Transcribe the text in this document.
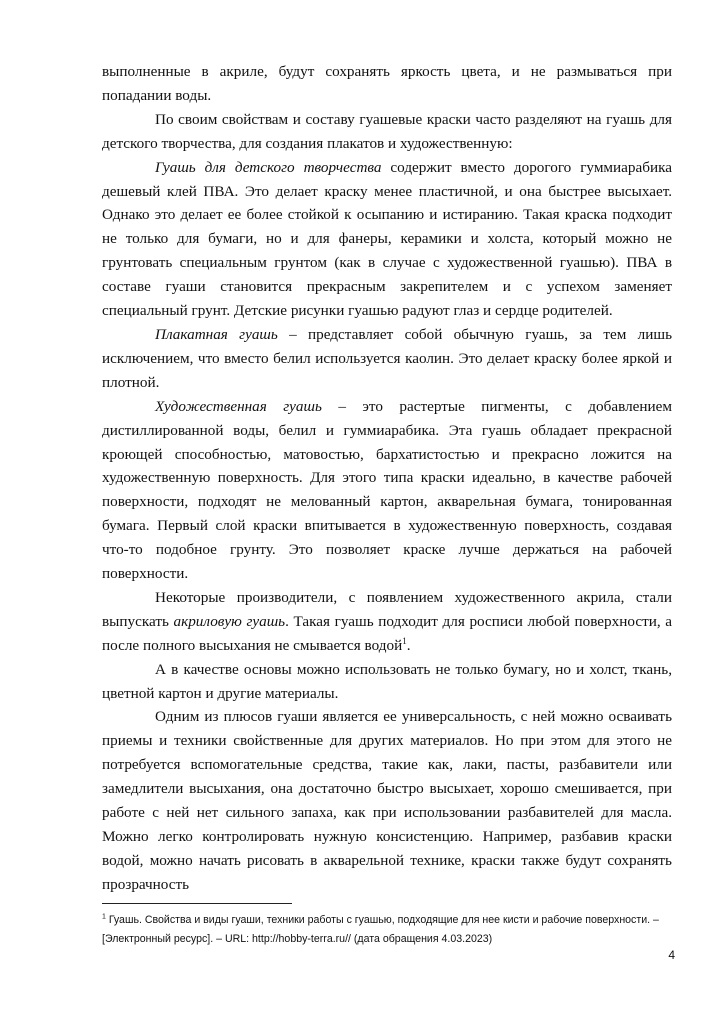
выполненные в акриле, будут сохранять яркость цвета, и не размываться при попадании воды.

По своим свойствам и составу гуашевые краски часто разделяют на гуашь для детского творчества, для создания плакатов и художественную:

Гуашь для детского творчества содержит вместо дорогого гуммиарабика дешевый клей ПВА. Это делает краску менее пластичной, и она быстрее высыхает. Однако это делает ее более стойкой к осыпанию и истиранию. Такая краска подходит не только для бумаги, но и для фанеры, керамики и холста, который можно не грунтовать специальным грунтом (как в случае с художественной гуашью). ПВА в составе гуаши становится прекрасным закрепителем и с успехом заменяет специальный грунт. Детские рисунки гуашью радуют глаз и сердце родителей.

Плакатная гуашь – представляет собой обычную гуашь, за тем лишь исключением, что вместо белил используется каолин. Это делает краску более яркой и плотной.

Художественная гуашь – это растертые пигменты, с добавлением дистиллированной воды, белил и гуммиарабика. Эта гуашь обладает прекрасной кроющей способностью, матовостью, бархатистостью и прекрасно ложится на художественную поверхность. Для этого типа краски идеально, в качестве рабочей поверхности, подходят не мелованный картон, акварельная бумага, тонированная бумага. Первый слой краски впитывается в художественную поверхность, создавая что-то подобное грунту. Это позволяет краске лучше держаться на рабочей поверхности.

Некоторые производители, с появлением художественного акрила, стали выпускать акриловую гуашь. Такая гуашь подходит для росписи любой поверхности, а после полного высыхания не смывается водой$^1$.

А в качестве основы можно использовать не только бумагу, но и холст, ткань, цветной картон и другие материалы.

Одним из плюсов гуаши является ее универсальность, с ней можно осваивать приемы и техники свойственные для других материалов. Но при этом для этого не потребуется вспомогательные средства, такие как, лаки, пасты, разбавители или замедлители высыхания, она достаточно быстро высыхает, хорошо смешивается, при работе с ней нет сильного запаха, как при использовании разбавителей для масла. Можно легко контролировать нужную консистенцию. Например, разбавив краски водой, можно начать рисовать в акварельной технике, краски также будут сохранять прозрачность

$^1$ Гуашь. Свойства и виды гуаши, техники работы с гуашью, подходящие для нее кисти и рабочие поверхности. – [Электронный ресурс]. – URL: http://hobby-terra.ru// (дата обращения 4.03.2023)
4
